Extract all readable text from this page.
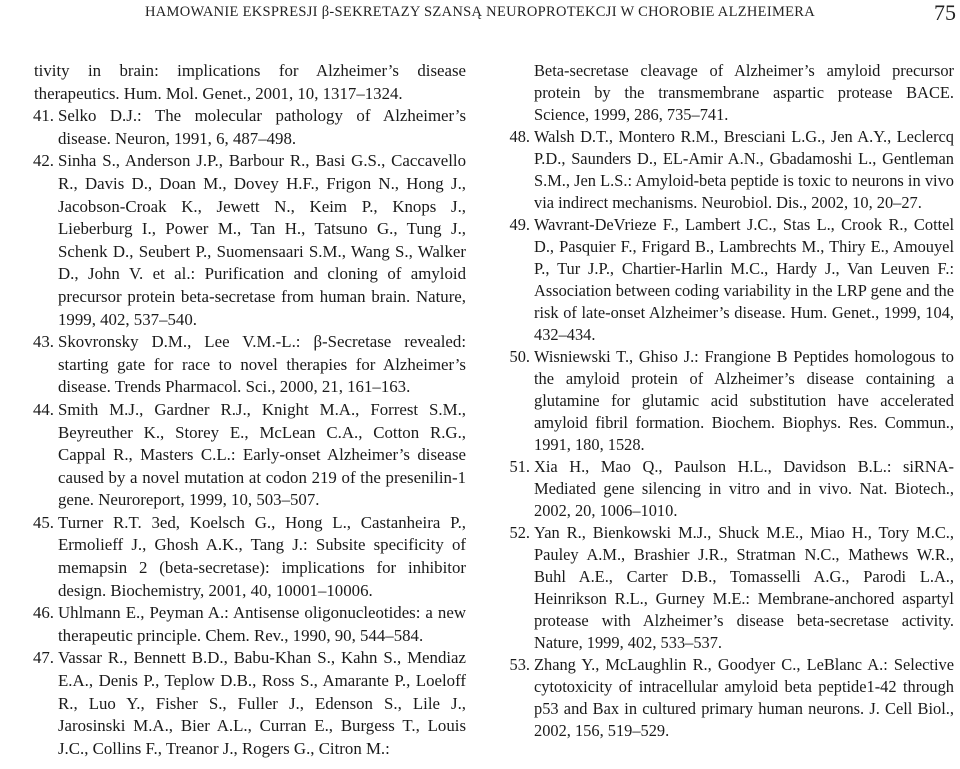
HAMOWANIE EKSPRESJI β-SEKRETAZY SZANSĄ NEUROPROTEKCJI W CHOROBIE ALZHEIMERA	75

tivity in brain: implications for Alzheimer’s disease therapeutics. Hum. Mol. Genet., 2001, 10, 1317–1324.

41. Selko D.J.: The molecular pathology of Alzheimer’s disease. Neuron, 1991, 6, 487–498.

42. Sinha S., Anderson J.P., Barbour R., Basi G.S., Caccavello R., Davis D., Doan M., Dovey H.F., Frigon N., Hong J., Jacobson-Croak K., Jewett N., Keim P., Knops J., Lieberburg I., Power M., Tan H., Tatsuno G., Tung J., Schenk D., Seubert P., Suomensaari S.M., Wang S., Walker D., John V. et al.: Purification and cloning of amyloid precursor protein beta-secretase from human brain. Nature, 1999, 402, 537–540.

43. Skovronsky D.M., Lee V.M.-L.: β-Secretase revealed: starting gate for race to novel therapies for Alzheimer’s disease. Trends Pharmacol. Sci., 2000, 21, 161–163.

44. Smith M.J., Gardner R.J., Knight M.A., Forrest S.M., Beyreuther K., Storey E., McLean C.A., Cotton R.G., Cappal R., Masters C.L.: Early-onset Alzheimer’s disease caused by a novel mutation at codon 219 of the presenilin-1 gene. Neuroreport, 1999, 10, 503–507.

45. Turner R.T. 3ed, Koelsch G., Hong L., Castanheira P., Ermolieff J., Ghosh A.K., Tang J.: Subsite specificity of memapsin 2 (beta-secretase): implications for inhibitor design. Biochemistry, 2001, 40, 10001–10006.

46. Uhlmann E., Peyman A.: Antisense oligonucleotides: a new therapeutic principle. Chem. Rev., 1990, 90, 544–584.

47. Vassar R., Bennett B.D., Babu-Khan S., Kahn S., Mendiaz E.A., Denis P., Teplow D.B., Ross S., Amarante P., Loeloff R., Luo Y., Fisher S., Fuller J., Edenson S., Lile J., Jarosinski M.A., Bier A.L., Curran E., Burgess T., Louis J.C., Collins F., Treanor J., Rogers G., Citron M.:

Beta-secretase cleavage of Alzheimer’s amyloid precursor protein by the transmembrane aspartic protease BACE. Science, 1999, 286, 735–741.

48. Walsh D.T., Montero R.M., Bresciani L.G., Jen A.Y., Leclercq P.D., Saunders D., EL-Amir A.N., Gbadamoshi L., Gentleman S.M., Jen L.S.: Amyloid-beta peptide is toxic to neurons in vivo via indirect mechanisms. Neurobiol. Dis., 2002, 10, 20–27.

49. Wavrant-DeVrieze F., Lambert J.C., Stas L., Crook R., Cottel D., Pasquier F., Frigard B., Lambrechts M., Thiry E., Amouyel P., Tur J.P., Chartier-Harlin M.C., Hardy J., Van Leuven F.: Association between coding variability in the LRP gene and the risk of late-onset Alzheimer’s disease. Hum. Genet., 1999, 104, 432–434.

50. Wisniewski T., Ghiso J.: Frangione B Peptides homologous to the amyloid protein of Alzheimer’s disease containing a glutamine for glutamic acid substitution have accelerated amyloid fibril formation. Biochem. Biophys. Res. Commun., 1991, 180, 1528.

51. Xia H., Mao Q., Paulson H.L., Davidson B.L.: siRNA-Mediated gene silencing in vitro and in vivo. Nat. Biotech., 2002, 20, 1006–1010.

52. Yan R., Bienkowski M.J., Shuck M.E., Miao H., Tory M.C., Pauley A.M., Brashier J.R., Stratman N.C., Mathews W.R., Buhl A.E., Carter D.B., Tomasselli A.G., Parodi L.A., Heinrikson R.L., Gurney M.E.: Membrane-anchored aspartyl protease with Alzheimer’s disease beta-secretase activity. Nature, 1999, 402, 533–537.

53. Zhang Y., McLaughlin R., Goodyer C., LeBlanc A.: Selective cytotoxicity of intracellular amyloid beta peptide1-42 through p53 and Bax in cultured primary human neurons. J. Cell Biol., 2002, 156, 519–529.
